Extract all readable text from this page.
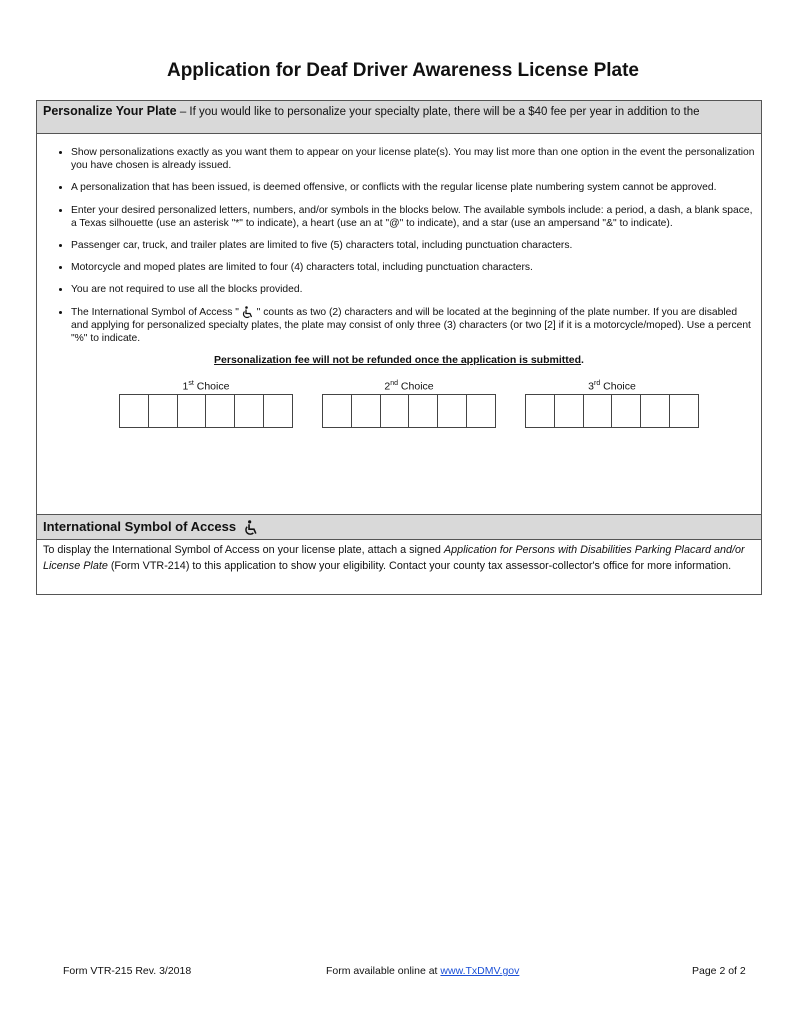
Application for Deaf Driver Awareness License Plate
Personalize Your Plate – If you would like to personalize your specialty plate, there will be a $40 fee per year in addition to the
• Show personalizations exactly as you want them to appear on your license plate(s). You may list more than one option in the event the personalization you have chosen is already issued.
• A personalization that has been issued, is deemed offensive, or conflicts with the regular license plate numbering system cannot be approved.
• Enter your desired personalized letters, numbers, and/or symbols in the blocks below. The available symbols include: a period, a dash, a blank space, a Texas silhouette (use an asterisk "*" to indicate), a heart (use an at "@" to indicate), and a star (use an ampersand "&" to indicate).
• Passenger car, truck, and trailer plates are limited to five (5) characters total, including punctuation characters.
• Motorcycle and moped plates are limited to four (4) characters total, including punctuation characters.
• You are not required to use all the blocks provided.
• The International Symbol of Access " " counts as two (2) characters and will be located at the beginning of the plate number. If you are disabled and applying for personalized specialty plates, the plate may consist of only three (3) characters (or two [2] if it is a motorcycle/moped). Use a percent "%" to indicate.
Personalization fee will not be refunded once the application is submitted.
1st Choice	2nd Choice	3rd Choice
International Symbol of Access
To display the International Symbol of Access on your license plate, attach a signed Application for Persons with Disabilities Parking Placard and/or License Plate (Form VTR-214) to this application to show your eligibility. Contact your county tax assessor-collector's office for more information.
Form VTR-215 Rev. 3/2018	Form available online at www.TxDMV.gov	Page 2 of 2
